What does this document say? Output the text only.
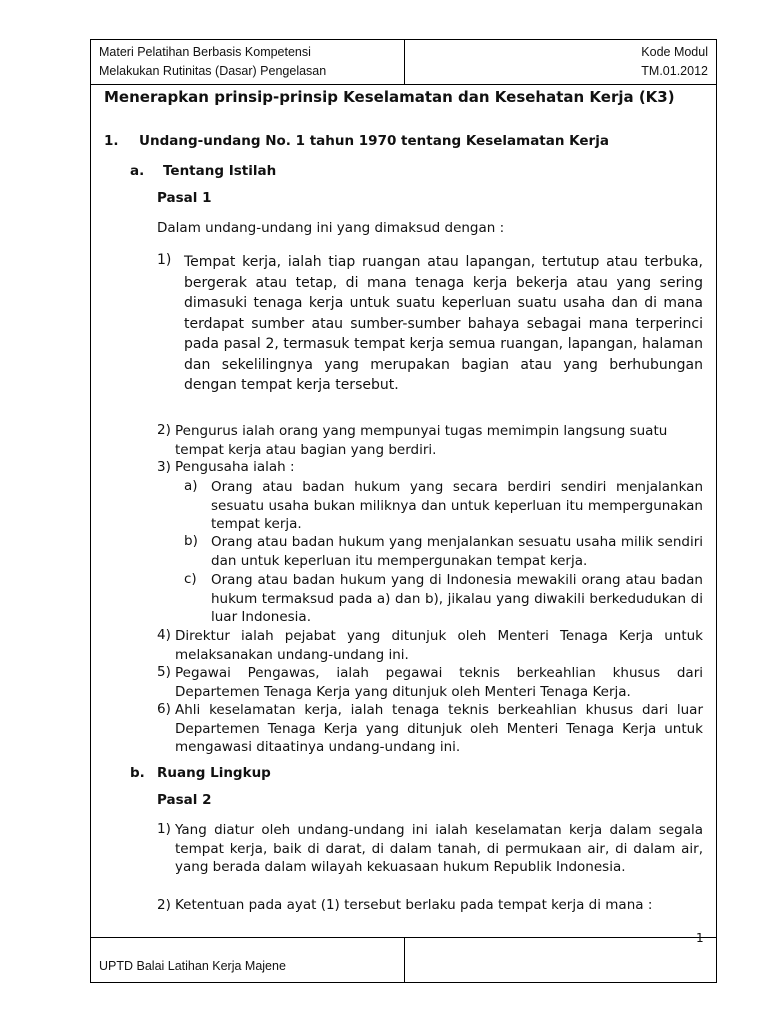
Materi Pelatihan Berbasis Kompetensi
Melakukan Rutinitas (Dasar) Pengelasan
Kode Modul
TM.01.2012
UPTD Balai Latihan Kerja Majene
Menerapkan prinsip-prinsip Keselamatan dan Kesehatan Kerja (K3)
1. Undang-undang No. 1 tahun 1970 tentang Keselamatan Kerja
a. Tentang Istilah
Pasal 1
Dalam undang-undang ini yang dimaksud dengan :
1) Tempat kerja, ialah tiap ruangan atau lapangan, tertutup atau terbuka, bergerak atau tetap, di mana tenaga kerja bekerja atau yang sering dimasuki tenaga kerja untuk suatu keperluan suatu usaha dan di mana terdapat sumber atau sumber-sumber bahaya sebagai mana terperinci pada pasal 2, termasuk tempat kerja semua ruangan, lapangan, halaman dan sekelilingnya yang merupakan bagian atau yang berhubungan dengan tempat kerja tersebut.
2) Pengurus ialah orang yang mempunyai tugas memimpin langsung suatu tempat kerja atau bagian yang berdiri.
3) Pengusaha ialah :
a) Orang atau badan hukum yang secara berdiri sendiri menjalankan sesuatu usaha bukan miliknya dan untuk keperluan itu mempergunakan tempat kerja.
b) Orang atau badan hukum yang menjalankan sesuatu usaha milik sendiri dan untuk keperluan itu mempergunakan tempat kerja.
c) Orang atau badan hukum yang di Indonesia mewakili orang atau badan hukum termaksud pada a) dan b), jikalau yang diwakili berkedudukan di luar Indonesia.
4) Direktur ialah pejabat yang ditunjuk oleh Menteri Tenaga Kerja untuk melaksanakan undang-undang ini.
5) Pegawai Pengawas, ialah pegawai teknis berkeahlian khusus dari Departemen Tenaga Kerja yang ditunjuk oleh Menteri Tenaga Kerja.
6) Ahli keselamatan kerja, ialah tenaga teknis berkeahlian khusus dari luar Departemen Tenaga Kerja yang ditunjuk oleh Menteri Tenaga Kerja untuk mengawasi ditaatinya undang-undang ini.
b. Ruang Lingkup
Pasal 2
1) Yang diatur oleh undang-undang ini ialah keselamatan kerja dalam segala tempat kerja, baik di darat, di dalam tanah, di permukaan air, di dalam air, yang berada dalam wilayah kekuasaan hukum Republik Indonesia.
2) Ketentuan pada ayat (1) tersebut berlaku pada tempat kerja di mana :
1
